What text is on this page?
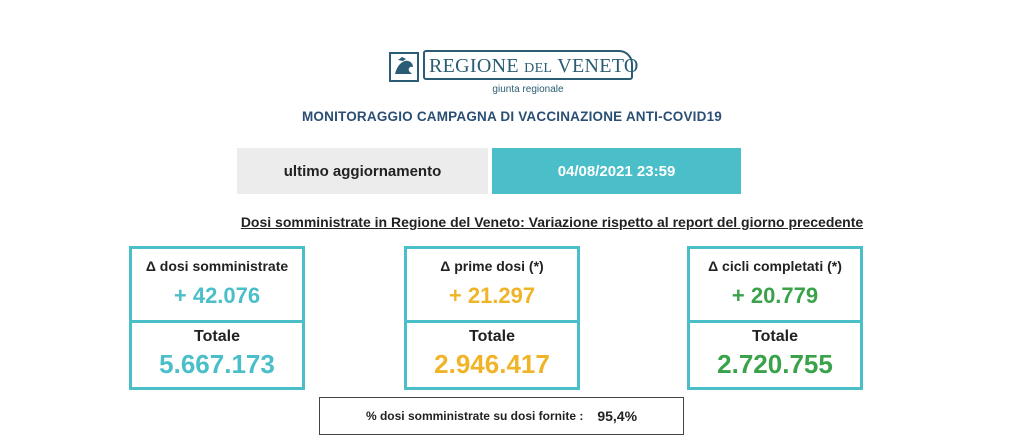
REGIONE DEL VENETO
giunta regionale
MONITORAGGIO CAMPAGNA DI VACCINAZIONE ANTI-COVID19
ultimo aggiornamento	04/08/2021 23:59
Dosi somministrate in Regione del Veneto: Variazione rispetto al report del giorno precedente
Δ dosi somministrate
+ 42.076
Totale
5.667.173
Δ prime dosi (*)
+ 21.297
Totale
2.946.417
Δ cicli completati (*)
+ 20.779
Totale
2.720.755
% dosi somministrate su dosi fornite : 95,4%
